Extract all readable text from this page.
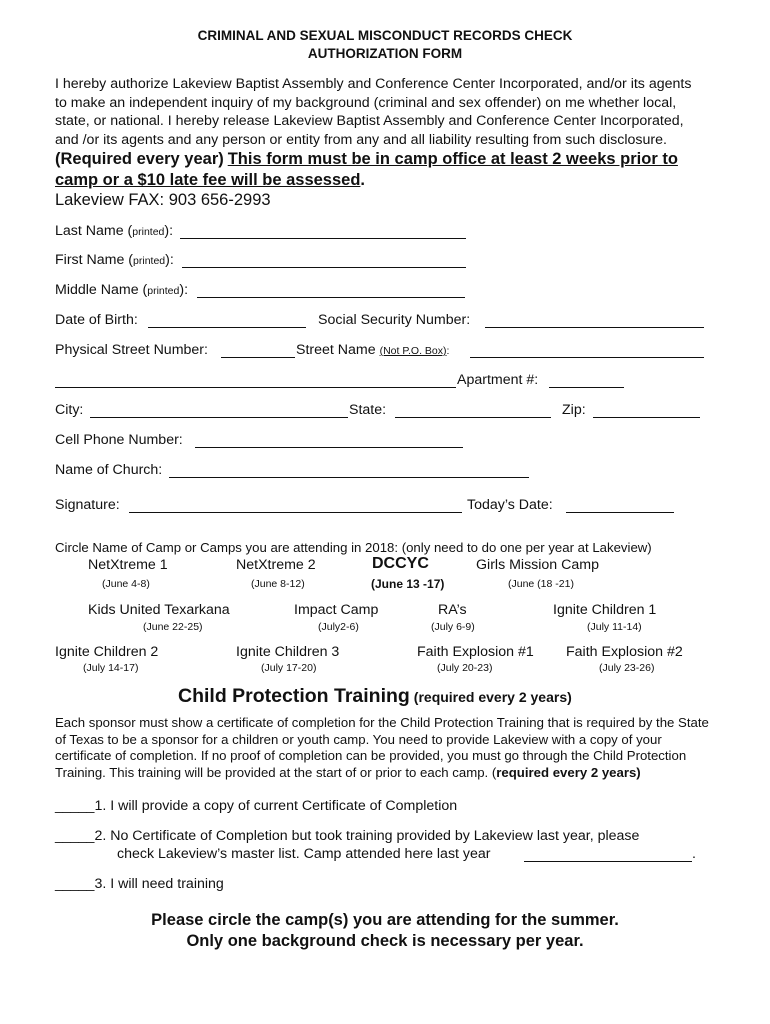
CRIMINAL AND SEXUAL MISCONDUCT RECORDS CHECK
AUTHORIZATION FORM
I hereby authorize Lakeview Baptist Assembly and Conference Center Incorporated, and/or its agents to make an independent inquiry of my background (criminal and sex offender) on me whether local, state, or national. I hereby release Lakeview Baptist Assembly and Conference Center Incorporated, and /or its agents and any person or entity from any and all liability resulting from such disclosure. (Required every year) This form must be in camp office at least 2 weeks prior to camp or a $10 late fee will be assessed.
Lakeview FAX: 903 656-2993
Last Name (printed):
First Name (printed):
Middle Name (printed):
Date of Birth:	Social Security Number:
Physical Street Number:	Street Name (Not P.O. Box):
Apartment #:
City:	State:	Zip:
Cell Phone Number:
Name of Church:
Signature:	Today’s Date:
Circle Name of Camp or Camps you are attending in 2018: (only need to do one per year at Lakeview)
NetXtreme 1
(June 4-8)
NetXtreme 2
(June 8-12)
DCCYC
(June 13 -17)
Girls Mission Camp
(June (18 -21)
Kids United Texarkana
(June 22-25)
Impact Camp
(July2-6)
RA’s
(July 6-9)
Ignite Children 1
(July 11-14)
Ignite Children 2
(July 14-17)
Ignite Children 3
(July 17-20)
Faith Explosion #1
(July 20-23)
Faith Explosion #2
(July 23-26)
Child Protection Training (required every 2 years)
Each sponsor must show a certificate of completion for the Child Protection Training that is required by the State of Texas to be a sponsor for a children or youth camp. You need to provide Lakeview with a copy of your certificate of completion. If no proof of completion can be provided, you must go through the Child Protection Training. This training will be provided at the start of or prior to each camp. (required every 2 years)
_____1. I will provide a copy of current Certificate of Completion
_____2. No Certificate of Completion but took training provided by Lakeview last year, please
check Lakeview’s master list. Camp attended here last year	.
_____3. I will need training
Please circle the camp(s) you are attending for the summer.
Only one background check is necessary per year.
